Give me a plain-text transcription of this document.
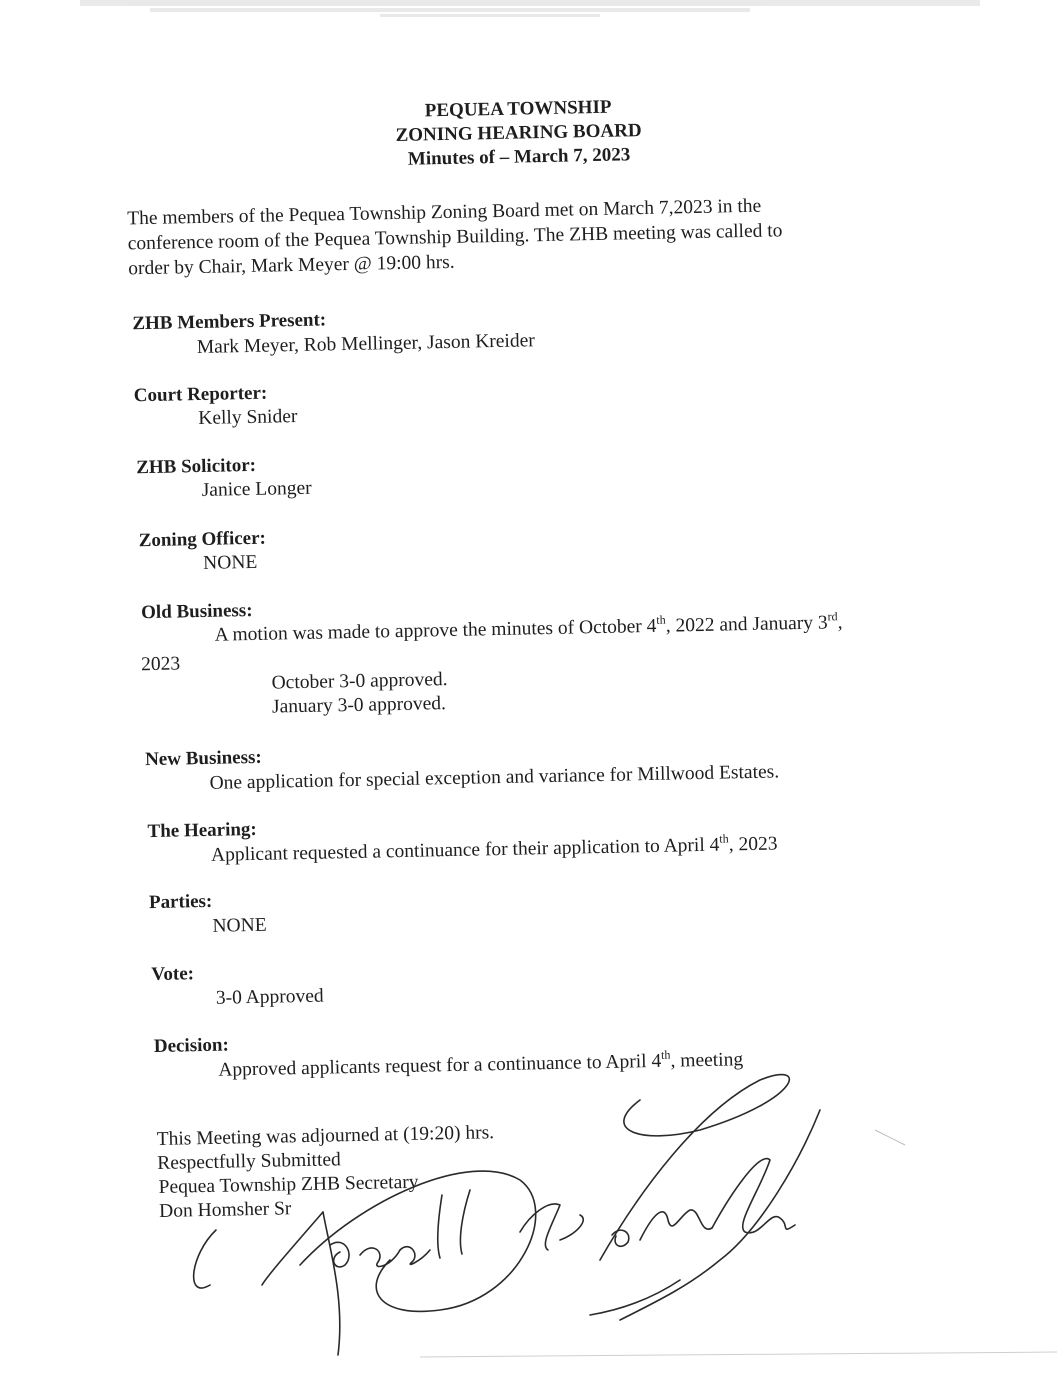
PEQUEA TOWNSHIP
ZONING HEARING BOARD
Minutes of – March 7, 2023
The members of the Pequea Township Zoning Board met on March 7,2023 in the
conference room of the Pequea Township Building. The ZHB meeting was called to
order by Chair, Mark Meyer @ 19:00 hrs.
ZHB Members Present:
Mark Meyer, Rob Mellinger, Jason Kreider
Court Reporter:
Kelly Snider
ZHB Solicitor:
Janice Longer
Zoning Officer:
NONE
Old Business:
A motion was made to approve the minutes of October 4th, 2022 and January 3rd,
2023
October 3-0 approved.
January 3-0 approved.
New Business:
One application for special exception and variance for Millwood Estates.
The Hearing:
Applicant requested a continuance for their application to April 4th, 2023
Parties:
NONE
Vote:
3-0 Approved
Decision:
Approved applicants request for a continuance to April 4th, meeting
This Meeting was adjourned at (19:20) hrs.
Respectfully Submitted
Pequea Township ZHB Secretary
Don Homsher Sr
